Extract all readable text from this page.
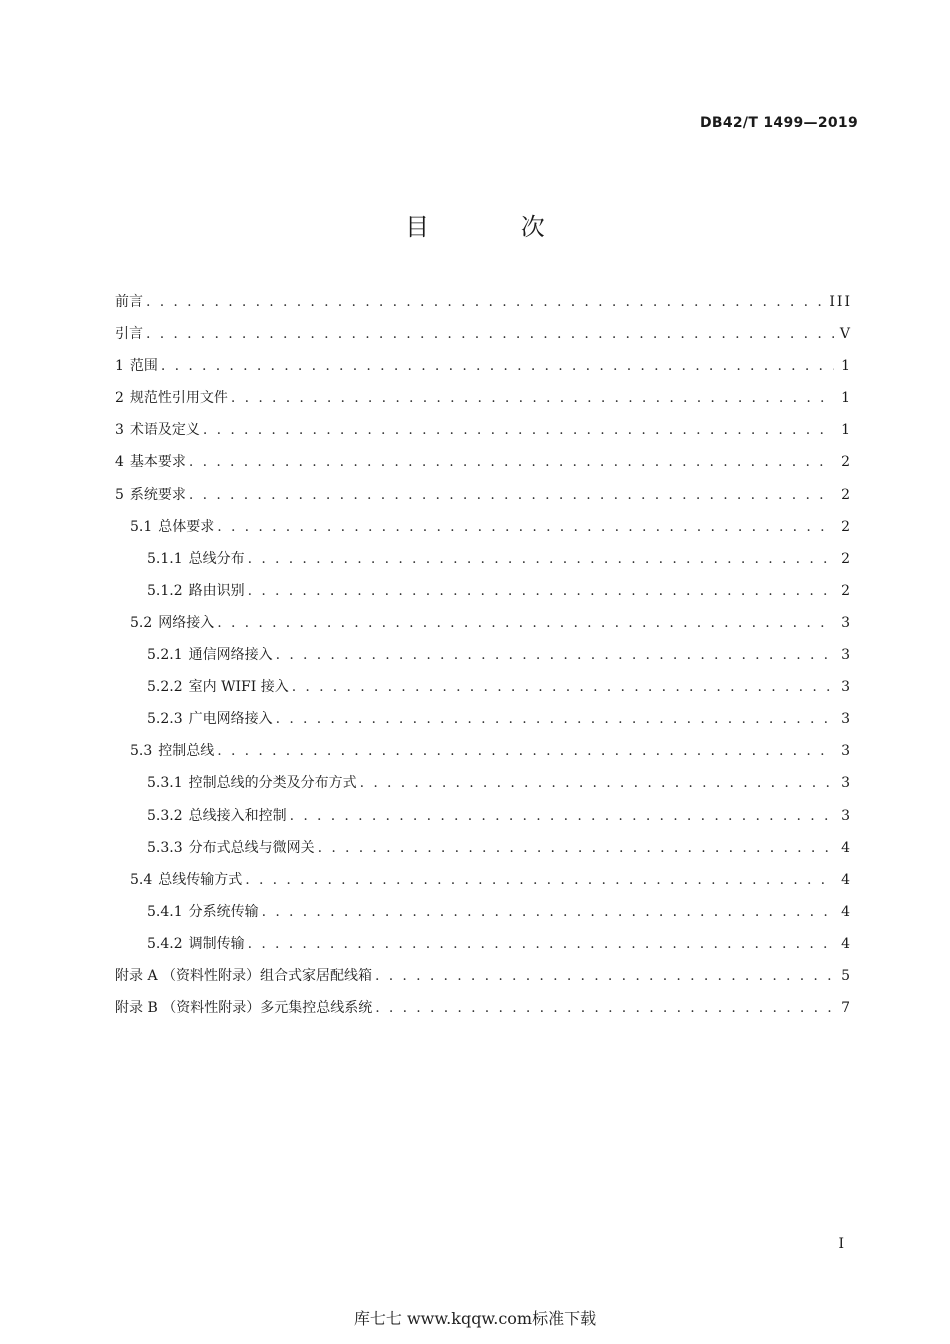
DB42/T 1499—2019
目 次
前言 . . .	III
引言 . . .	V
1 范围 . . .	1
2 规范性引用文件 . . .	1
3 术语及定义 . . .	1
4 基本要求 . . .	2
5 系统要求 . . .	2
5.1 总体要求 . . .	2
5.1.1 总线分布 . . .	2
5.1.2 路由识别 . . .	2
5.2 网络接入 . . .	3
5.2.1 通信网络接入 . . .	3
5.2.2 室内 WIFI 接入 . . .	3
5.2.3 广电网络接入 . . .	3
5.3 控制总线 . . .	3
5.3.1 控制总线的分类及分布方式 . . .	3
5.3.2 总线接入和控制 . . .	3
5.3.3 分布式总线与微网关 . . .	4
5.4 总线传输方式 . . .	4
5.4.1 分系统传输 . . .	4
5.4.2 调制传输 . . .	4
附录 A （资料性附录）组合式家居配线箱 . . .	5
附录 B （资料性附录）多元集控总线系统 . . .	7
I
库七七 www.kqqw.com标准下载
